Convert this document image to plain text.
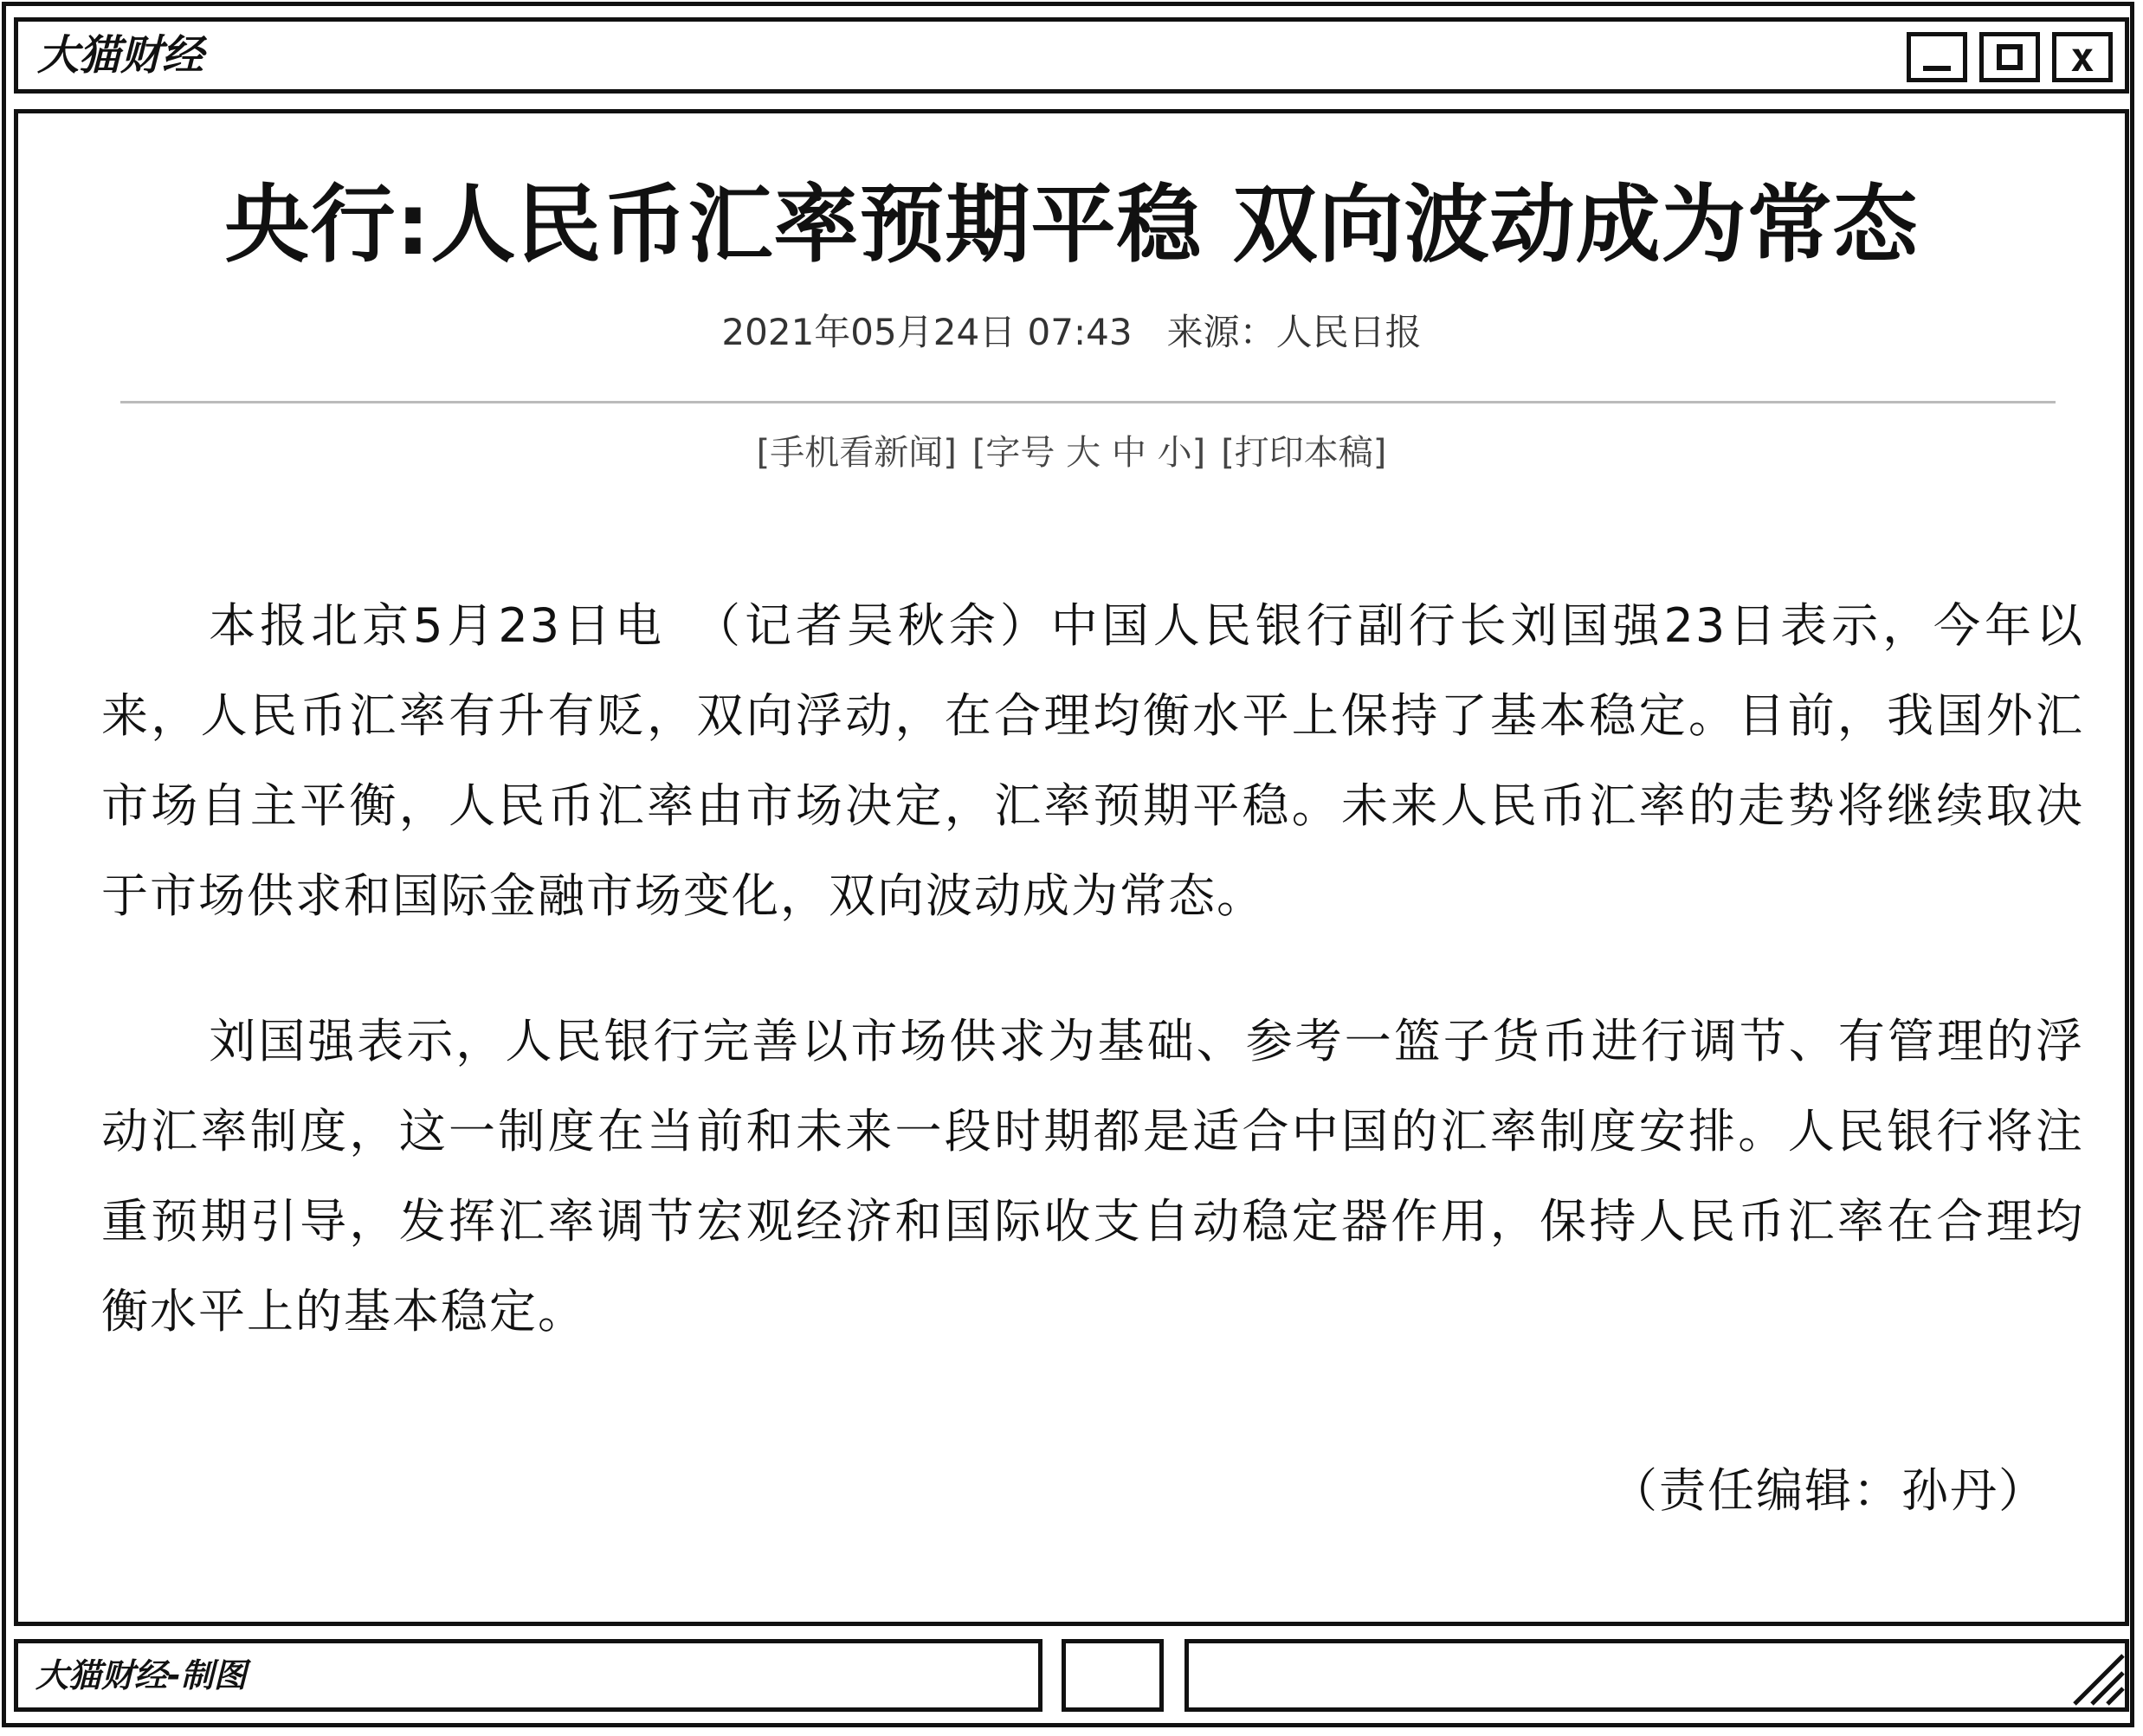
大猫财经	x
央行:人民币汇率预期平稳 双向波动成为常态
2021年05月24日 07:43 来源：人民日报
[手机看新闻] [字号 大 中 小] [打印本稿]

本报北京5月23日电　（记者吴秋余）中国人民银行副行长刘国强23日表示，今年以来，人民币汇率有升有贬，双向浮动，在合理均衡水平上保持了基本稳定。目前，我国外汇市场自主平衡，人民币汇率由市场决定，汇率预期平稳。未来人民币汇率的走势将继续取决于市场供求和国际金融市场变化，双向波动成为常态。

刘国强表示，人民银行完善以市场供求为基础、参考一篮子货币进行调节、有管理的浮动汇率制度，这一制度在当前和未来一段时期都是适合中国的汇率制度安排。人民银行将注重预期引导，发挥汇率调节宏观经济和国际收支自动稳定器作用，保持人民币汇率在合理均衡水平上的基本稳定。

（责任编辑：孙丹）
大猫财经-制图
